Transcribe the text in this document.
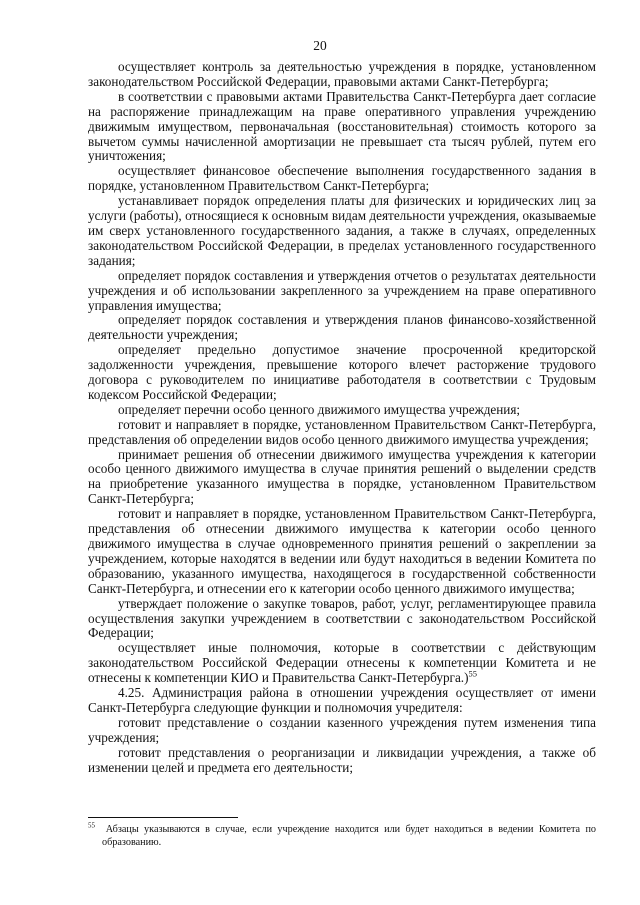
20

осуществляет контроль за деятельностью учреждения в порядке, установленном законодательством Российской Федерации, правовыми актами Санкт-Петербурга;

в соответствии с правовыми актами Правительства Санкт-Петербурга дает согласие на распоряжение принадлежащим на праве оперативного управления учреждению движимым имуществом, первоначальная (восстановительная) стоимость которого за вычетом суммы начисленной амортизации не превышает ста тысяч рублей, путем его уничтожения;

осуществляет финансовое обеспечение выполнения государственного задания в порядке, установленном Правительством Санкт-Петербурга;

устанавливает порядок определения платы для физических и юридических лиц за услуги (работы), относящиеся к основным видам деятельности учреждения, оказываемые им сверх установленного государственного задания, а также в случаях, определенных законодательством Российской Федерации, в пределах установленного государственного задания;

определяет порядок составления и утверждения отчетов о результатах деятельности учреждения и об использовании закрепленного за учреждением на праве оперативного управления имущества;

определяет порядок составления и утверждения планов финансово-хозяйственной деятельности учреждения;

определяет предельно допустимое значение просроченной кредиторской задолженности учреждения, превышение которого влечет расторжение трудового договора с руководителем по инициативе работодателя в соответствии с Трудовым кодексом Российской Федерации;

определяет перечни особо ценного движимого имущества учреждения;

готовит и направляет в порядке, установленном Правительством Санкт-Петербурга, представления об определении видов особо ценного движимого имущества учреждения;

принимает решения об отнесении движимого имущества учреждения к категории особо ценного движимого имущества в случае принятия решений о выделении средств на приобретение указанного имущества в порядке, установленном Правительством Санкт-Петербурга;

готовит и направляет в порядке, установленном Правительством Санкт-Петербурга, представления об отнесении движимого имущества к категории особо ценного движимого имущества в случае одновременного принятия решений о закреплении за учреждением, которые находятся в ведении или будут находиться в ведении Комитета по образованию, указанного имущества, находящегося в государственной собственности Санкт-Петербурга, и отнесении его к категории особо ценного движимого имущества;

утверждает положение о закупке товаров, работ, услуг, регламентирующее правила осуществления закупки учреждением в соответствии с законодательством Российской Федерации;

осуществляет иные полномочия, которые в соответствии с действующим законодательством Российской Федерации отнесены к компетенции Комитета и не отнесены к компетенции КИО и Правительства Санкт-Петербурга.)$^{55}$

4.25. Администрация района в отношении учреждения осуществляет от имени Санкт-Петербурга следующие функции и полномочия учредителя:

готовит представление о создании казенного учреждения путем изменения типа учреждения;

готовит представления о реорганизации и ликвидации учреждения, а также об изменении целей и предмета его деятельности;

$^{55}$ Абзацы указываются в случае, если учреждение находится или будет находиться в ведении Комитета по образованию.
